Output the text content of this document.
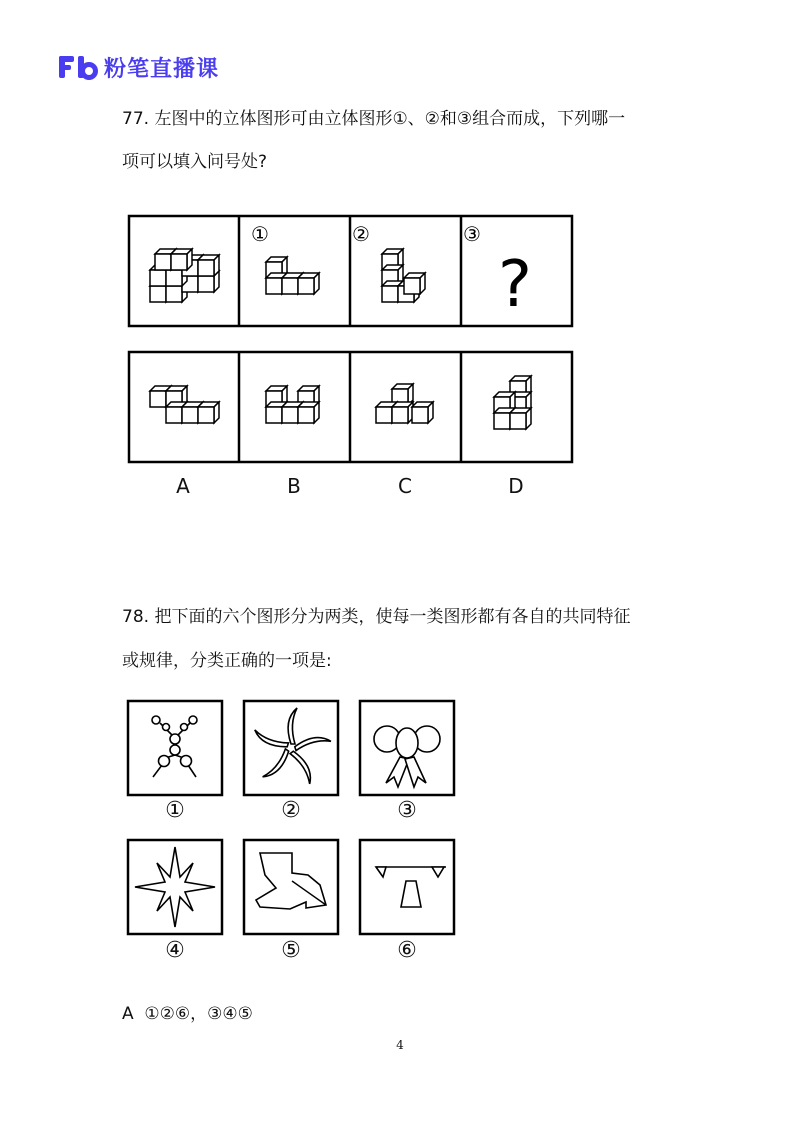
粉笔直播课
77. 左图中的立体图形可由立体图形①、②和③组合而成，下列哪一
项可以填入问号处?
①	②	③
?
A	B	C	D
78. 把下面的六个图形分为两类，使每一类图形都有各自的共同特征
或规律，分类正确的一项是:
①	②	③
④	⑤	⑥
A  ①②⑥，③④⑤
4
